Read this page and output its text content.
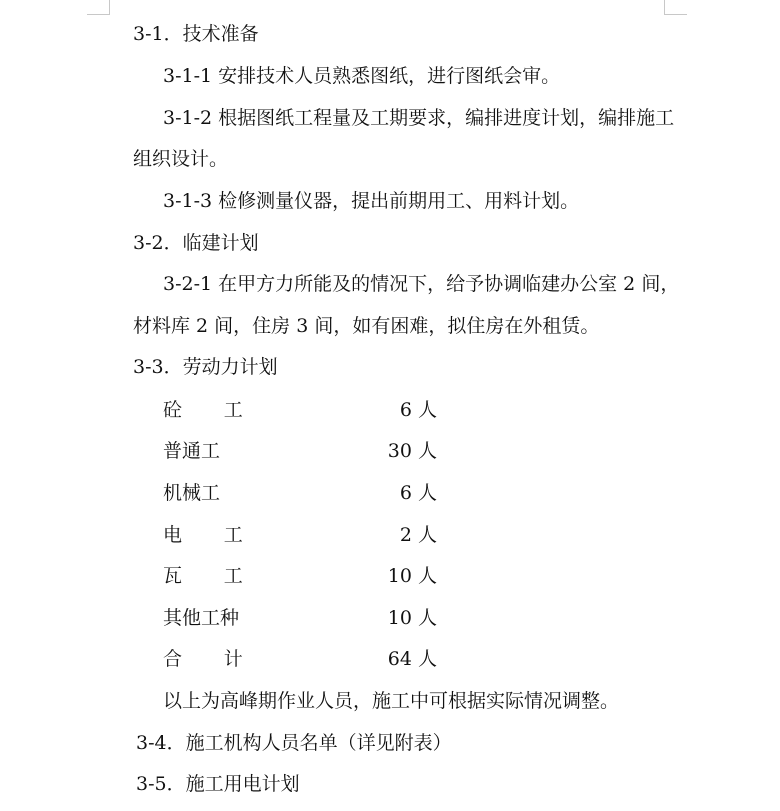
3-1．技术准备
3-1-1 安排技术人员熟悉图纸，进行图纸会审。
3-1-2 根据图纸工程量及工期要求，编排进度计划，编排施工
组织设计。
3-1-3 检修测量仪器，提出前期用工、用料计划。
3-2．临建计划
3-2-1 在甲方力所能及的情况下，给予协调临建办公室 2 间，
材料库 2 间，住房 3 间，如有困难，拟住房在外租赁。
3-3．劳动力计划
砼工	6 人
普通工	30 人
机械工	6 人
电工	2 人
瓦工	10 人
其他工种	10 人
合计	64 人
以上为高峰期作业人员，施工中可根据实际情况调整。
3-4．施工机构人员名单（详见附表）
3-5．施工用电计划
